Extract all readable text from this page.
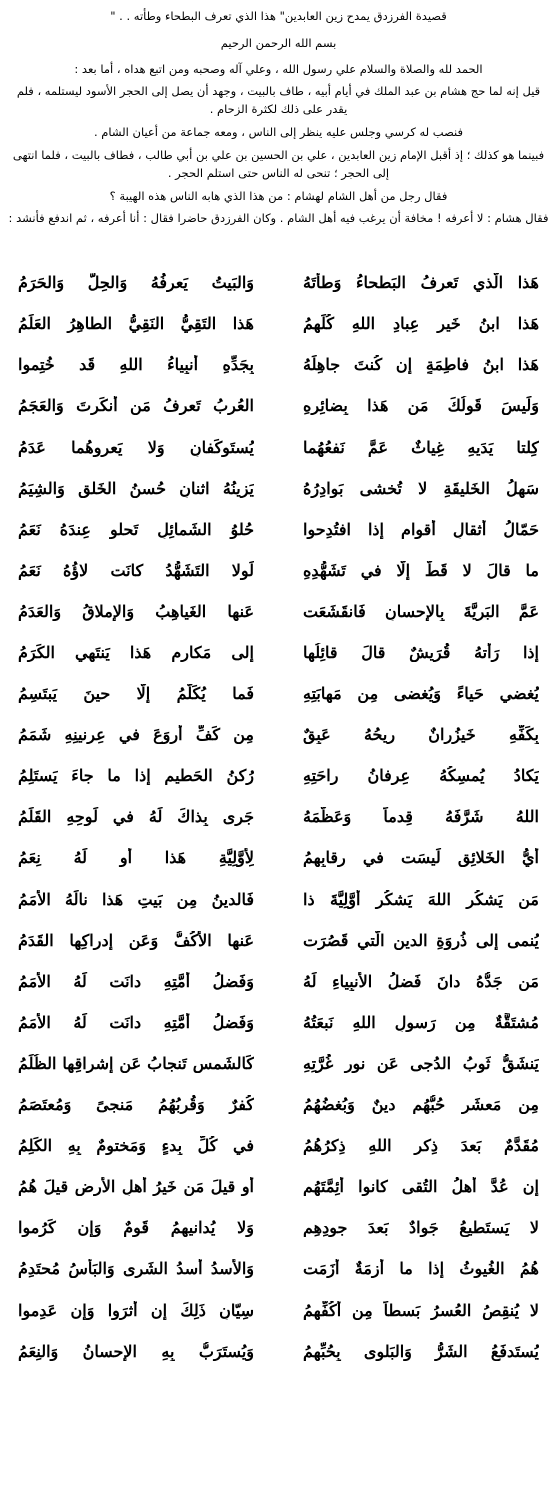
قصيدة الفرزدق يمدح زين العابدين" هذا الذي تعرف البطحاء وطأته . . "

بسم الله الرحمن الرحيم

الحمد لله والصلاة والسلام علي رسول الله ، وعلي آله وصحبه ومن اتبع هداه ، أما بعد :

قيل إنه لما حج هشام بن عبد الملك في أيام أبيه ، طاف بالبيت ، وجهد أن يصل إلى الحجر الأسود ليستلمه ، فلم يقدر على ذلك لكثرة الزحام .

فنصب له كرسي وجلس عليه ينظر إلى الناس ، ومعه جماعة من أعيان الشام .

فبينما هو كذلك ؛ إذ أقبل الإمام زين العابدين ، علي بن الحسين بن علي بن أبي طالب ، فطاف بالبيت ، فلما انتهى إلى الحجر ؛ تنحى له الناس حتى استلم الحجر .

فقال رجل من أهل الشام لهشام : من هذا الذي هابه الناس هذه الهيبة ؟

فقال هشام : لا أعرفه ! مخافة أن يرغب فيه أهل الشام . وكان الفرزدق حاضرا فقال : أنا أعرفه ، ثم اندفع فأنشد :

هَذا الَّذي تَعرِفُ البَطحاءُ وَطأَتَهُ
وَالبَيتُ يَعرِفُهُ وَالحِلُّ وَالحَرَمُ
هَذا ابنُ خَيرِ عِبادِ اللهِ كُلِّهِمُ
هَذا التَقِيُّ النَقِيُّ الطاهِرُ العَلَمُ
هَذا ابنُ فاطِمَةٍ إِن كُنتَ جاهِلَهُ
بِجَدِّهِ أَنبِياءُ اللهِ قَد خُتِموا
وَلَيسَ قَولُكَ مَن هَذا بِضائِرِهِ
العُربُ تَعرِفُ مَن أَنكَرتَ وَالعَجَمُ
كِلتا يَدَيهِ غِياثٌ عَمَّ نَفعُهُما
يُستَوكَفانِ وَلا يَعروهُما عَدَمُ
سَهلُ الخَليقَةِ لا تُخشى بَوادِرُهُ
يَزينُهُ اثنانِ حُسنُ الخَلقِ وَالشِيَمُ
حَمّالُ أَثقالِ أَقوامٍ إِذا افتُدِحوا
حُلوُ الشَمائِلِ تَحلو عِندَهُ نَعَمُ
ما قالَ لا قَطُّ إِلّا في تَشَهُّدِهِ
لَولا التَشَهُّدُ كانَت لاؤُهُ نَعَمُ
عَمَّ البَرِيَّةَ بِالإِحسانِ فَانقَشَعَت
عَنها الغَياهِبُ وَالإِملاقُ وَالعَدَمُ
إِذا رَأَتهُ قُرَيشٌ قالَ قائِلُها
إِلى مَكارِمِ هَذا يَنتَهي الكَرَمُ
يُغضي حَياءً وَيُغضى مِن مَهابَتِهِ
فَما يُكَلَّمُ إِلّا حينَ يَبتَسِمُ
بِكَفِّهِ خَيزُرانٌ ريحُهُ عَبِقٌ
مِن كَفِّ أَروَعَ في عِرنينِهِ شَمَمُ
يَكادُ يُمسِكُهُ عِرفانُ راحَتِهِ
رُكنُ الحَطيمِ إِذا ما جاءَ يَستَلِمُ
اللهُ شَرَّفَهُ قِدماً وَعَظَّمَهُ
جَرى بِذاكَ لَهُ في لَوحِهِ القَلَمُ
أَيُّ الخَلائِقِ لَيسَت في رِقابِهِمُ
لِأَوَّلِيَّةِ هَذا أَو لَهُ نِعَمُ
مَن يَشكُرِ اللهَ يَشكُر أَوَّلِيَّةَ ذا
فَالدينُ مِن بَيتِ هَذا نالَهُ الأُمَمُ
يُنمى إِلى ذُروَةِ الدينِ الَّتي قَصُرَت
عَنها الأَكُفُّ وَعَن إِدراكِها القَدَمُ
مَن جَدُّهُ دانَ فَضلُ الأَنبِياءِ لَهُ
وَفَضلُ أُمَّتِهِ دانَت لَهُ الأُمَمُ
مُشتَقَّةٌ مِن رَسولِ اللهِ نَبعَتُهُ
وَفَضلُ أُمَّتِهِ دانَت لَهُ الأُمَمُ
يَنشَقُّ ثَوبُ الدُجى عَن نورِ غُرَّتِهِ
كَالشَمسِ تَنجابُ عَن إِشراقِها الظُلَمُ
مِن مَعشَرٍ حُبُّهُم دينٌ وَبُغضُهُمُ
كُفرٌ وَقُربُهُمُ مَنجىً وَمُعتَصَمُ
مُقَدَّمٌ بَعدَ ذِكرِ اللهِ ذِكرُهُمُ
في كُلِّ بِدءٍ وَمَختومٌ بِهِ الكَلِمُ
إِن عُدَّ أَهلُ التُقى كانوا أَئِمَّتَهُم
أَو قيلَ مَن خَيرُ أَهلِ الأَرضِ قيلَ هُمُ
لا يَستَطيعُ جَوادٌ بَعدَ جودِهِمِ
وَلا يُدانيهِمُ قَومٌ وَإِن كَرُموا
هُمُ الغُيوثُ إِذا ما أَزمَةٌ أَزَمَت
وَالأُسدُ أُسدُ الشَرى وَالبَأسُ مُحتَدِمُ
لا يُنقِصُ العُسرُ بَسطاً مِن أَكُفِّهِمُ
سِيّانِ ذَلِكَ إِن أَثرَوا وَإِن عَدِموا
يُستَدفَعُ الشَرُّ وَالبَلوى بِحُبِّهِمُ
وَيُستَرَبُّ بِهِ الإِحسانُ وَالنِعَمُ
